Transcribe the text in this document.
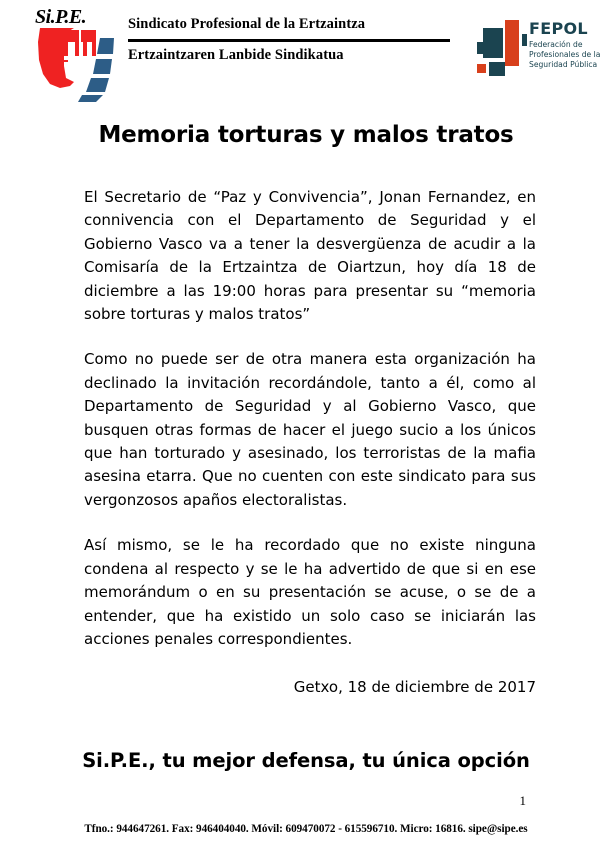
Si.P.E.	Sindicato Profesional de la Ertzaintza
Ertzaintzaren Lanbide Sindikatua
FEPOL
Federación de
Profesionales de la
Seguridad Pública
Memoria torturas y malos tratos

El Secretario de “Paz y Convivencia”, Jonan Fernandez, en connivencia con el Departamento de Seguridad y el Gobierno Vasco va a tener la desvergüenza de acudir a la Comisaría de la Ertzaintza de Oiartzun, hoy día 18 de diciembre a las 19:00 horas para presentar su “memoria sobre torturas y malos tratos”

Como no puede ser de otra manera esta organización ha declinado la invitación recordándole, tanto a él, como al Departamento de Seguridad y al Gobierno Vasco, que busquen otras formas de hacer el juego sucio a los únicos que han torturado y asesinado, los terroristas de la mafia asesina etarra. Que no cuenten con este sindicato para sus vergonzosos apaños electoralistas.

Así mismo, se le ha recordado que no existe ninguna condena al respecto y se le ha advertido de que si en ese memorándum o en su presentación se acuse, o se de a entender, que ha existido un solo caso se iniciarán las acciones penales correspondientes.

Getxo, 18 de diciembre de 2017
Si.P.E., tu mejor defensa, tu única opción
1
Tfno.: 944647261. Fax: 946404040. Móvil: 609470072 - 615596710. Micro: 16816. sipe@sipe.es
